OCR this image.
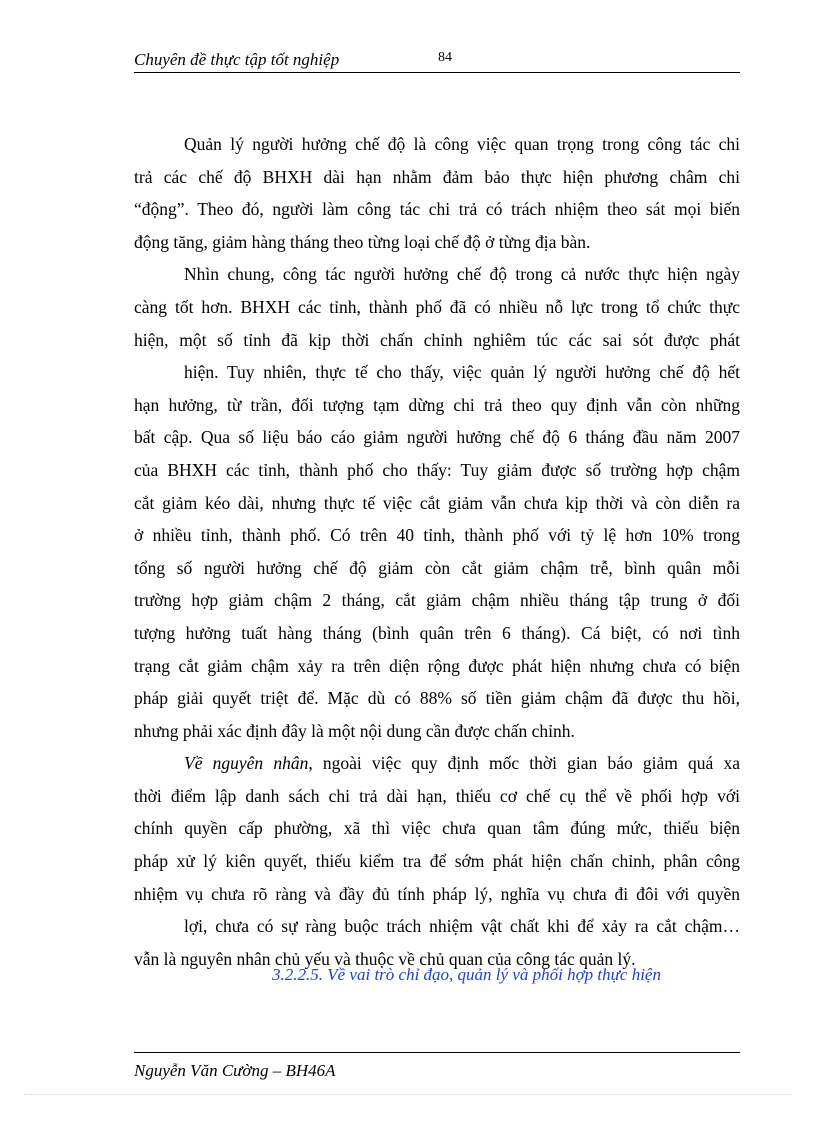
Chuyên đề thực tập tốt nghiệp	84
Quản lý người hưởng chế độ là công việc quan trọng trong công tác chi
trả các chế độ BHXH dài hạn nhằm đảm bảo thực hiện phương châm chi
“động”. Theo đó, người làm công tác chi trả có trách nhiệm theo sát mọi biến
động tăng, giảm hàng tháng theo từng loại chế độ ở từng địa bàn.
Nhìn chung, công tác người hưởng chế độ trong cả nước thực hiện ngày
càng tốt hơn. BHXH các tỉnh, thành phố đã có nhiều nỗ lực trong tổ chức thực
hiện, một số tỉnh đã kịp thời chấn chỉnh nghiêm túc các sai sót được phát
hiện. Tuy nhiên, thực tế cho thấy, việc quản lý người hưởng chế độ hết
hạn hưởng, từ trần, đối tượng tạm dừng chi trả theo quy định vẫn còn những
bất cập. Qua số liệu báo cáo giảm người hưởng chế độ 6 tháng đầu năm 2007
của BHXH các tỉnh, thành phố cho thấy: Tuy giảm được số trường hợp chậm
cắt giảm kéo dài, nhưng thực tế việc cắt giảm vẫn chưa kịp thời và còn diễn ra
ở nhiều tỉnh, thành phố. Có trên 40 tỉnh, thành phố với tỷ lệ hơn 10% trong
tổng số người hưởng chế độ giảm còn cắt giảm chậm trễ, bình quân mỗi
trường hợp giảm chậm 2 tháng, cắt giảm chậm nhiều tháng tập trung ở đối
tượng hưởng tuất hàng tháng (bình quân trên 6 tháng). Cá biệt, có nơi tình
trạng cắt giảm chậm xảy ra trên diện rộng được phát hiện nhưng chưa có biện
pháp giải quyết triệt để. Mặc dù có 88% số tiền giảm chậm đã được thu hồi,
nhưng phải xác định đây là một nội dung cần được chấn chỉnh.
Về nguyên nhân, ngoài việc quy định mốc thời gian báo giảm quá xa
thời điểm lập danh sách chi trả dài hạn, thiếu cơ chế cụ thể về phối hợp với
chính quyền cấp phường, xã thì việc chưa quan tâm đúng mức, thiếu biện
pháp xử lý kiên quyết, thiếu kiểm tra để sớm phát hiện chấn chỉnh, phân công
nhiệm vụ chưa rõ ràng và đầy đủ tính pháp lý, nghĩa vụ chưa đi đôi với quyền
lợi, chưa có sự ràng buộc trách nhiệm vật chất khi để xảy ra cắt chậm…
vẫn là nguyên nhân chủ yếu và thuộc về chủ quan của công tác quản lý.
3.2.2.5. Về vai trò chỉ đạo, quản lý và phối hợp thực hiện
Nguyễn Văn Cường – BH46A
